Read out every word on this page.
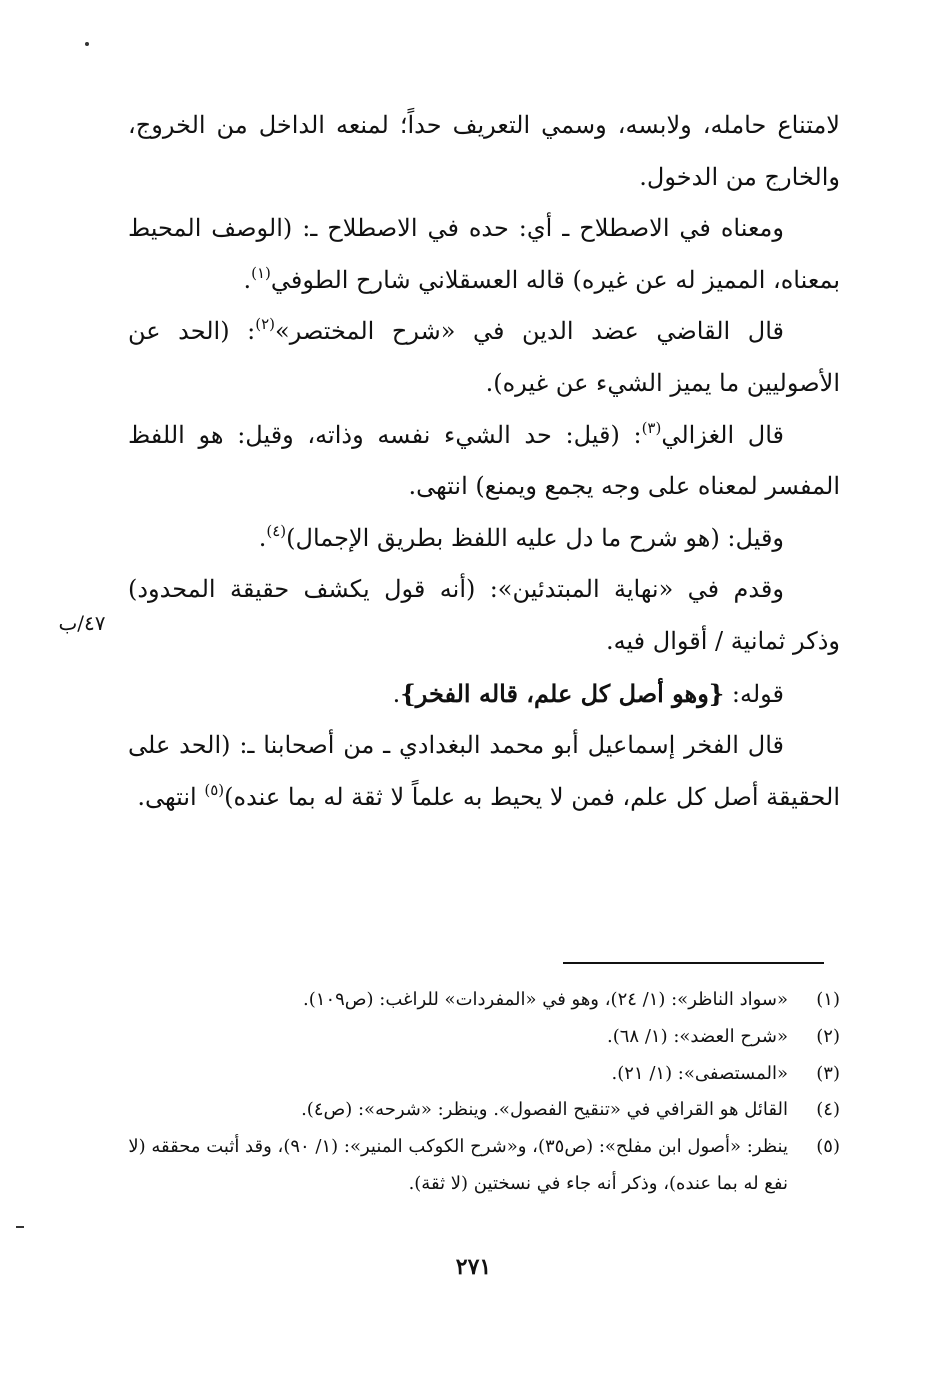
لامتناع حامله، ولابسه، وسمي التعريف حداً؛ لمنعه الداخل من الخروج، والخارج من الدخول.

ومعناه في الاصطلاح ـ أي: حده في الاصطلاح ـ: (الوصف المحيط بمعناه، المميز له عن غيره) قاله العسقلاني شارح الطوفي$^{(١)}$.

قال القاضي عضد الدين في «شرح المختصر»$^{(٢)}$: (الحد عن الأصوليين ما يميز الشيء عن غيره).

قال الغزالي$^{(٣)}$: (قيل: حد الشيء نفسه وذاته، وقيل: هو اللفظ المفسر لمعناه على وجه يجمع ويمنع) انتهى.

وقيل: (هو شرح ما دل عليه اللفظ بطريق الإجمال)$^{(٤)}$.

وقدم في «نهاية المبتدئين»: (أنه قول يكشف حقيقة المحدود) وذكر ثمانية / أقوال فيه.

قوله: {وهو أصل كل علم، قاله الفخر}.

قال الفخر إسماعيل أبو محمد البغدادي ـ من أصحابنا ـ: (الحد على الحقيقة أصل كل علم، فمن لا يحيط به علماً لا ثقة له بما عنده)$^{(٥)}$ انتهى.

٤٧/ب
(١)
«سواد الناظر»: (١/ ٢٤)، وهو في «المفردات» للراغب: (ص١٠٩).
(٢)
«شرح العضد»: (١/ ٦٨).
(٣)
«المستصفى»: (١/ ٢١).
(٤)
القائل هو القرافي في «تنقيح الفصول». وينظر: «شرحه»: (ص٤).
(٥)
ينظر: «أصول ابن مفلح»: (ص٣٥)، و«شرح الكوكب المنير»: (١/ ٩٠)، وقد أثبت محققه (لا نفع له بما عنده)، وذكر أنه جاء في نسختين (لا ثقة).
٢٧١
